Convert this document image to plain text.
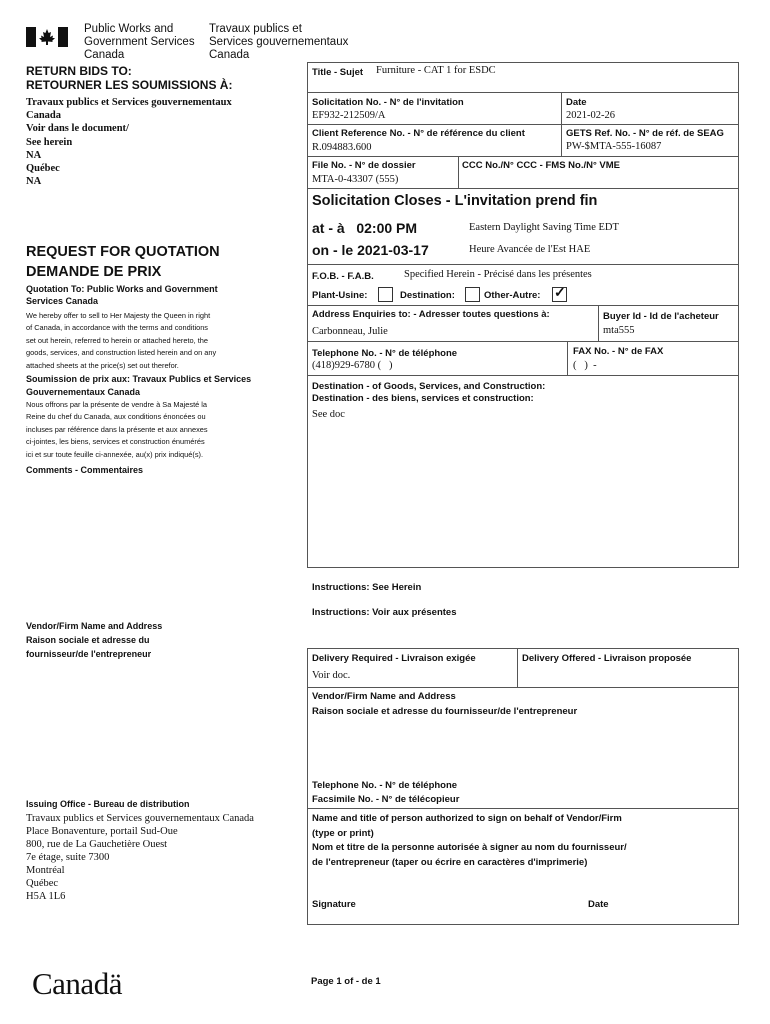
Public Works and
Government Services
Canada
Travaux publics et
Services gouvernementaux
Canada
RETURN BIDS TO:
RETOURNER LES SOUMISSIONS À:
Travaux publics et Services gouvernementaux
Canada
Voir dans le document/
See herein
NA
Québec
NA
REQUEST FOR QUOTATION
DEMANDE DE PRIX
Quotation To: Public Works and Government Services Canada
We hereby offer to sell to Her Majesty the Queen in right
of Canada, in accordance with the terms and conditions
set out herein, referred to herein or attached hereto, the
goods, services, and construction listed herein and on any
attached sheets at the price(s) set out therefor.
Soumission de prix aux: Travaux Publics et Services Gouvernementaux Canada
Nous offrons par la présente de vendre à Sa Majesté la
Reine du chef du Canada, aux conditions énoncées ou
incluses par référence dans la présente et aux annexes
ci-jointes, les biens, services et construction énumérés
ici et sur toute feuille ci-annexée, au(x) prix indiqué(s).
Comments - Commentaires
Vendor/Firm Name and Address
Raison sociale et adresse du
fournisseur/de l'entrepreneur
Issuing Office - Bureau de distribution
Travaux publics et Services gouvernementaux Canada
Place Bonaventure, portail Sud-Oue
800, rue de La Gauchetière Ouest
7e étage, suite 7300
Montréal
Québec
H5A 1L6
Canadä	Page 1 of - de 1
Title - Sujet Furniture - CAT 1 for ESDC
Solicitation No. - N° de l'invitation
EF932-212509/A
Date
2021-02-26
Client Reference No. - N° de référence du client
R.094883.600
GETS Ref. No. - N° de réf. de SEAG
PW-$MTA-555-16087
File No. - N° de dossier
MTA-0-43307 (555)
CCC No./N° CCC - FMS No./N° VME
Solicitation Closes - L'invitation prend fin
at - à   02:00 PM	Eastern Daylight Saving Time EDT
on - le 2021-03-17	Heure Avancée de l'Est HAE
F.O.B. - F.A.B.	Specified Herein - Précisé dans les présentes
Plant-Usine:	Destination:	Other-Autre: ✓
Address Enquiries to: - Adresser toutes questions à:
Carbonneau, Julie
Buyer Id - Id de l'acheteur
mta555
Telephone No. - N° de téléphone
(418)929-6780 (   )
FAX No. - N° de FAX
(   )  -
Destination - of Goods, Services, and Construction:
Destination - des biens, services et construction:
See doc
Instructions: See Herein
Instructions: Voir aux présentes
Delivery Required - Livraison exigée
Voir doc.
Delivery Offered - Livraison proposée
Vendor/Firm Name and Address
Raison sociale et adresse du fournisseur/de l'entrepreneur
Telephone No. - N° de téléphone
Facsimile No. - N° de télécopieur
Name and title of person authorized to sign on behalf of Vendor/Firm
(type or print)
Nom et titre de la personne autorisée à signer au nom du fournisseur/
de l'entrepreneur (taper ou écrire en caractères d'imprimerie)
Signature	Date
